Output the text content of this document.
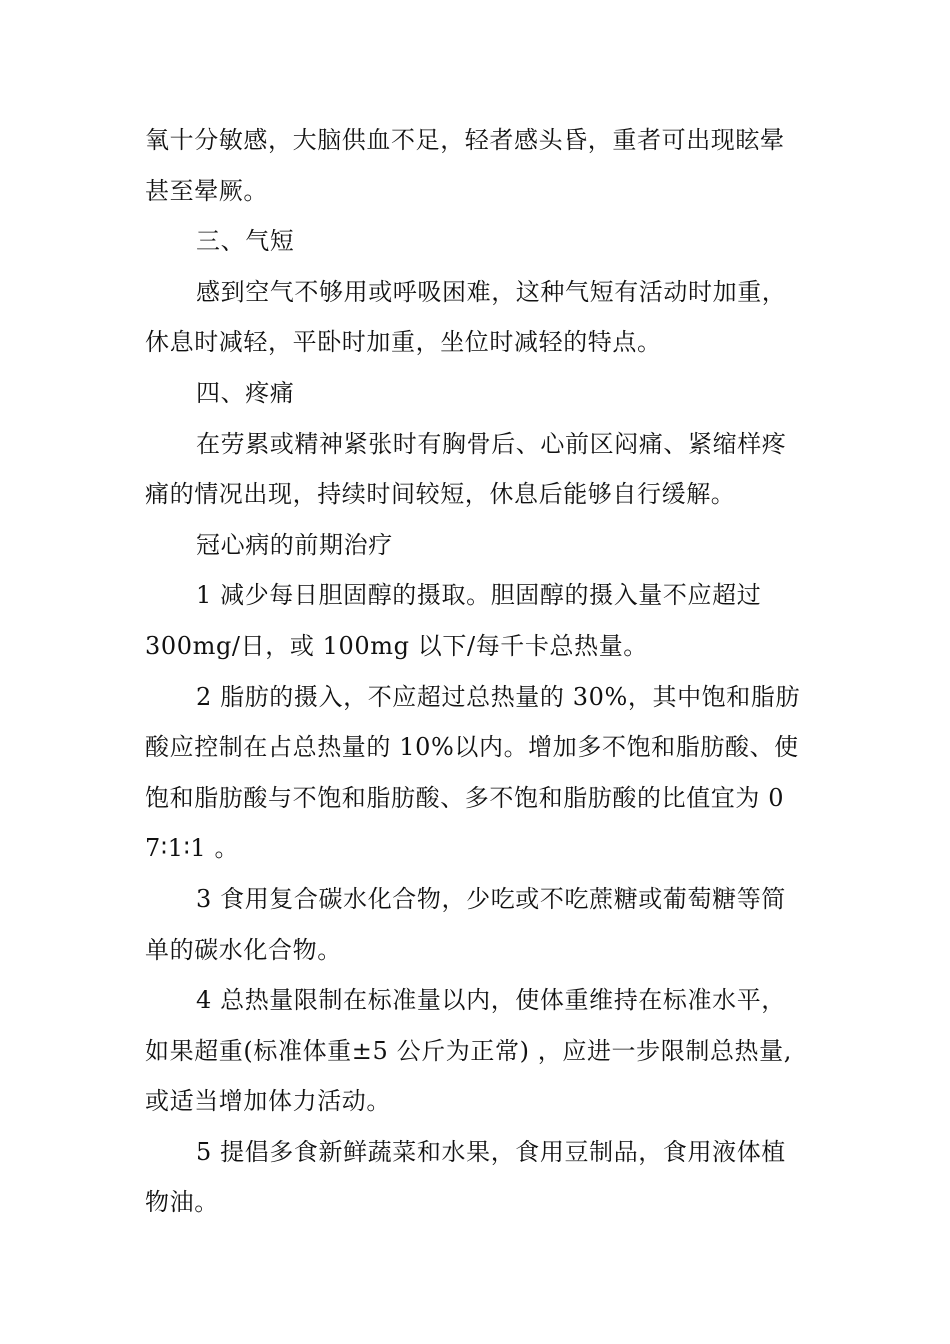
氧十分敏感，大脑供血不足，轻者感头昏，重者可出现眩晕
甚至晕厥。
三、气短
感到空气不够用或呼吸困难，这种气短有活动时加重，
休息时减轻，平卧时加重，坐位时减轻的特点。
四、疼痛
在劳累或精神紧张时有胸骨后、心前区闷痛、紧缩样疼
痛的情况出现，持续时间较短，休息后能够自行缓解。
冠心病的前期治疗
1 减少每日胆固醇的摄取。胆固醇的摄入量不应超过
300mg/日，或 100mg 以下/每千卡总热量。
2 脂肪的摄入，不应超过总热量的 30%，其中饱和脂肪
酸应控制在占总热量的 10%以内。增加多不饱和脂肪酸、使
饱和脂肪酸与不饱和脂肪酸、多不饱和脂肪酸的比值宜为 0
7∶1∶1 。
3 食用复合碳水化合物，少吃或不吃蔗糖或葡萄糖等简
单的碳水化合物。
4 总热量限制在标准量以内，使体重维持在标准水平，
如果超重(标准体重±5 公斤为正常) ，应进一步限制总热量,
或适当增加体力活动。
5 提倡多食新鲜蔬菜和水果，食用豆制品，食用液体植
物油。
